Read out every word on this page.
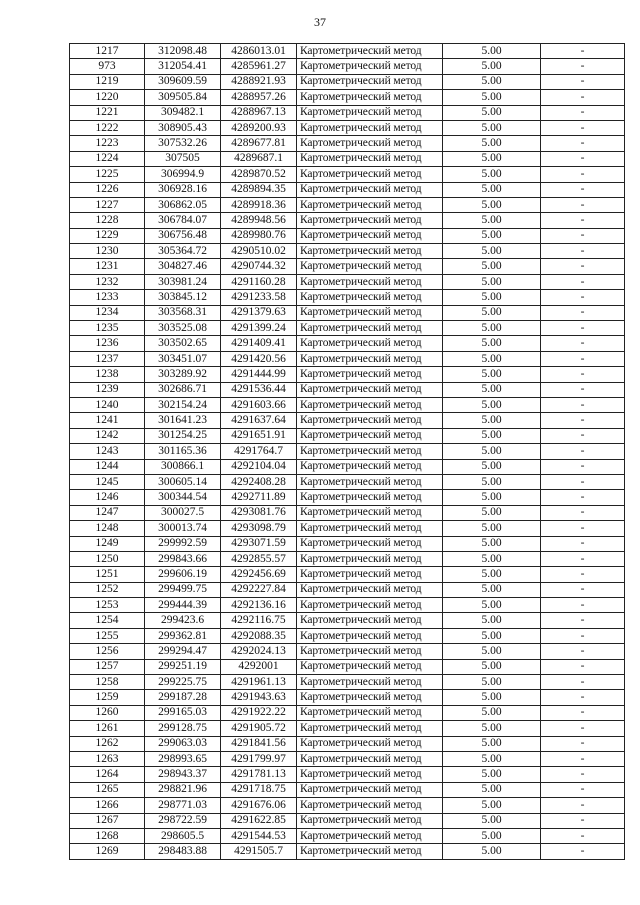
37
1217	312098.48	4286013.01	Картометрический метод	5.00	-
973	312054.41	4285961.27	Картометрический метод	5.00	-
1219	309609.59	4288921.93	Картометрический метод	5.00	-
1220	309505.84	4288957.26	Картометрический метод	5.00	-
1221	309482.1	4288967.13	Картометрический метод	5.00	-
1222	308905.43	4289200.93	Картометрический метод	5.00	-
1223	307532.26	4289677.81	Картометрический метод	5.00	-
1224	307505	4289687.1	Картометрический метод	5.00	-
1225	306994.9	4289870.52	Картометрический метод	5.00	-
1226	306928.16	4289894.35	Картометрический метод	5.00	-
1227	306862.05	4289918.36	Картометрический метод	5.00	-
1228	306784.07	4289948.56	Картометрический метод	5.00	-
1229	306756.48	4289980.76	Картометрический метод	5.00	-
1230	305364.72	4290510.02	Картометрический метод	5.00	-
1231	304827.46	4290744.32	Картометрический метод	5.00	-
1232	303981.24	4291160.28	Картометрический метод	5.00	-
1233	303845.12	4291233.58	Картометрический метод	5.00	-
1234	303568.31	4291379.63	Картометрический метод	5.00	-
1235	303525.08	4291399.24	Картометрический метод	5.00	-
1236	303502.65	4291409.41	Картометрический метод	5.00	-
1237	303451.07	4291420.56	Картометрический метод	5.00	-
1238	303289.92	4291444.99	Картометрический метод	5.00	-
1239	302686.71	4291536.44	Картометрический метод	5.00	-
1240	302154.24	4291603.66	Картометрический метод	5.00	-
1241	301641.23	4291637.64	Картометрический метод	5.00	-
1242	301254.25	4291651.91	Картометрический метод	5.00	-
1243	301165.36	4291764.7	Картометрический метод	5.00	-
1244	300866.1	4292104.04	Картометрический метод	5.00	-
1245	300605.14	4292408.28	Картометрический метод	5.00	-
1246	300344.54	4292711.89	Картометрический метод	5.00	-
1247	300027.5	4293081.76	Картометрический метод	5.00	-
1248	300013.74	4293098.79	Картометрический метод	5.00	-
1249	299992.59	4293071.59	Картометрический метод	5.00	-
1250	299843.66	4292855.57	Картометрический метод	5.00	-
1251	299606.19	4292456.69	Картометрический метод	5.00	-
1252	299499.75	4292227.84	Картометрический метод	5.00	-
1253	299444.39	4292136.16	Картометрический метод	5.00	-
1254	299423.6	4292116.75	Картометрический метод	5.00	-
1255	299362.81	4292088.35	Картометрический метод	5.00	-
1256	299294.47	4292024.13	Картометрический метод	5.00	-
1257	299251.19	4292001	Картометрический метод	5.00	-
1258	299225.75	4291961.13	Картометрический метод	5.00	-
1259	299187.28	4291943.63	Картометрический метод	5.00	-
1260	299165.03	4291922.22	Картометрический метод	5.00	-
1261	299128.75	4291905.72	Картометрический метод	5.00	-
1262	299063.03	4291841.56	Картометрический метод	5.00	-
1263	298993.65	4291799.97	Картометрический метод	5.00	-
1264	298943.37	4291781.13	Картометрический метод	5.00	-
1265	298821.96	4291718.75	Картометрический метод	5.00	-
1266	298771.03	4291676.06	Картометрический метод	5.00	-
1267	298722.59	4291622.85	Картометрический метод	5.00	-
1268	298605.5	4291544.53	Картометрический метод	5.00	-
1269	298483.88	4291505.7	Картометрический метод	5.00	-
